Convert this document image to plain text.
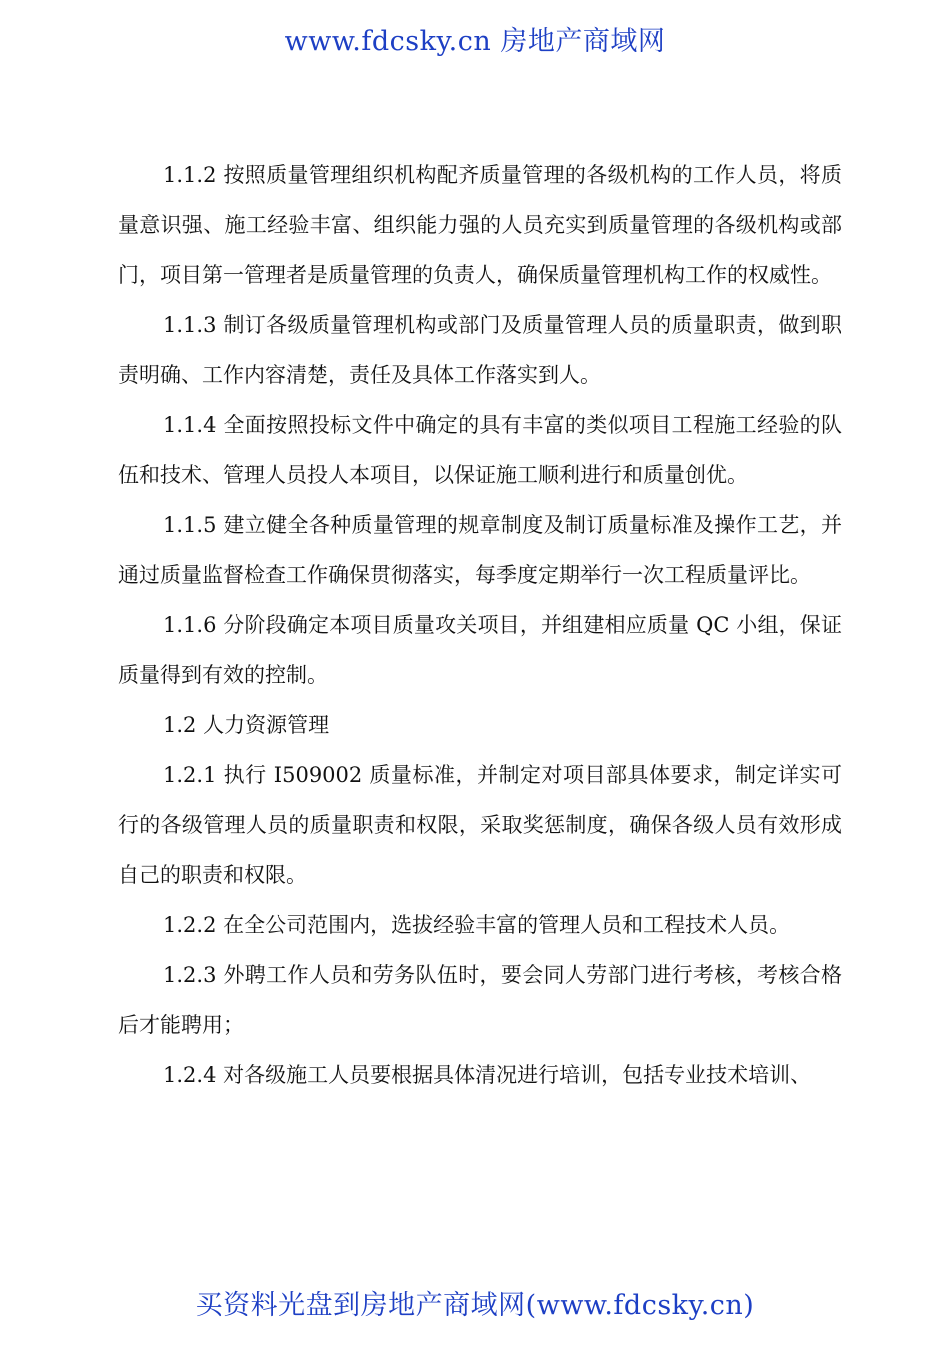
www.fdcsky.cn 房地产商域网

1.1.2 按照质量管理组织机构配齐质量管理的各级机构的工作人员，将质量意识强、施工经验丰富、组织能力强的人员充实到质量管理的各级机构或部门，项目第一管理者是质量管理的负责人，确保质量管理机构工作的权威性。

1.1.3 制订各级质量管理机构或部门及质量管理人员的质量职责，做到职责明确、工作内容清楚，责任及具体工作落实到人。

1.1.4 全面按照投标文件中确定的具有丰富的类似项目工程施工经验的队伍和技术、管理人员投人本项目，以保证施工顺利进行和质量创优。

1.1.5 建立健全各种质量管理的规章制度及制订质量标准及操作工艺，并通过质量监督检查工作确保贯彻落实，每季度定期举行一次工程质量评比。

1.1.6 分阶段确定本项目质量攻关项目，并组建相应质量 QC 小组，保证质量得到有效的控制。

1.2 人力资源管理

1.2.1 执行 I509002 质量标准，并制定对项目部具体要求，制定详实可行的各级管理人员的质量职责和权限，采取奖惩制度，确保各级人员有效形成自己的职责和权限。

1.2.2 在全公司范围内，选拔经验丰富的管理人员和工程技术人员。

1.2.3 外聘工作人员和劳务队伍时，要会同人劳部门进行考核，考核合格后才能聘用；

1.2.4 对各级施工人员要根据具体清况进行培训，包括专业技术培训、

买资料光盘到房地产商域网(www.fdcsky.cn)
